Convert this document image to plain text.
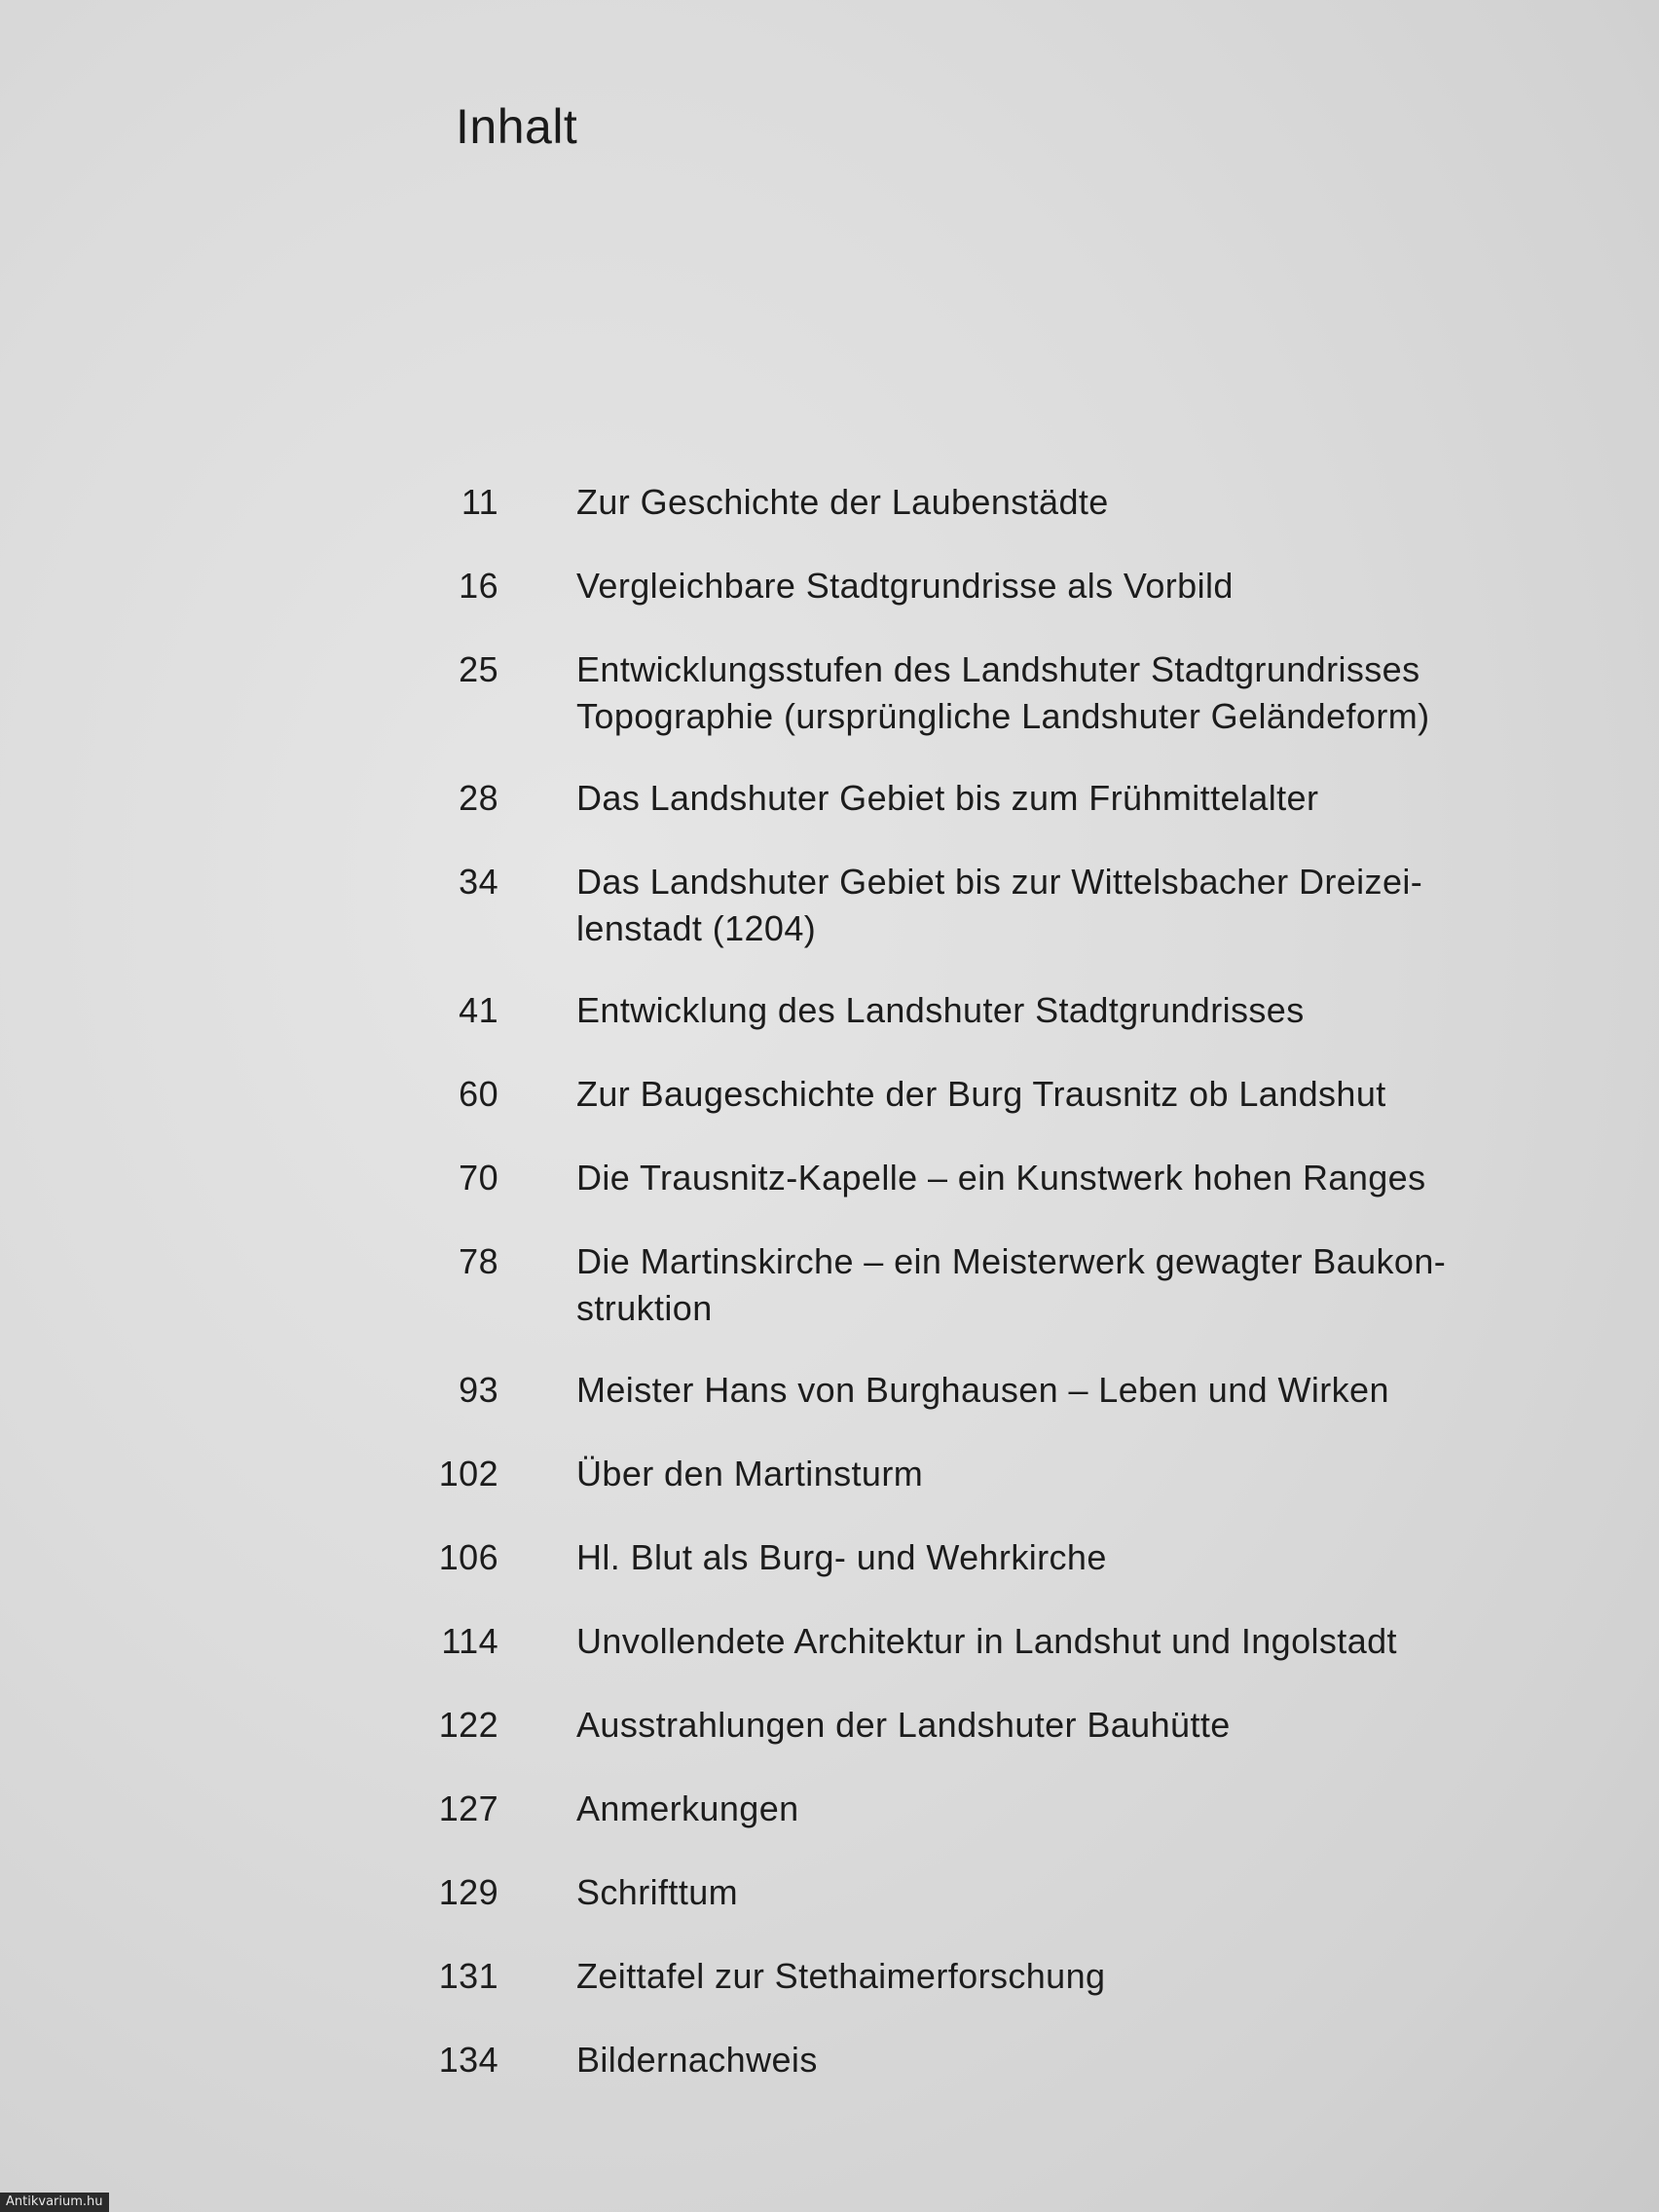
Inhalt
11 Zur Geschichte der Laubenstädte
16 Vergleichbare Stadtgrundrisse als Vorbild
25 Entwicklungsstufen des Landshuter Stadtgrundrisses
Topographie (ursprüngliche Landshuter Geländeform)
28 Das Landshuter Gebiet bis zum Frühmittelalter
34 Das Landshuter Gebiet bis zur Wittelsbacher Dreizei-
lenstadt (1204)
41 Entwicklung des Landshuter Stadtgrundrisses
60 Zur Baugeschichte der Burg Trausnitz ob Landshut
70 Die Trausnitz-Kapelle – ein Kunstwerk hohen Ranges
78 Die Martinskirche – ein Meisterwerk gewagter Baukon-
struktion
93 Meister Hans von Burghausen – Leben und Wirken
102 Über den Martinsturm
106 Hl. Blut als Burg- und Wehrkirche
114 Unvollendete Architektur in Landshut und Ingolstadt
122 Ausstrahlungen der Landshuter Bauhütte
127 Anmerkungen
129 Schrifttum
131 Zeittafel zur Stethaimerforschung
134 Bildernachweis
Antikvarium.hu
